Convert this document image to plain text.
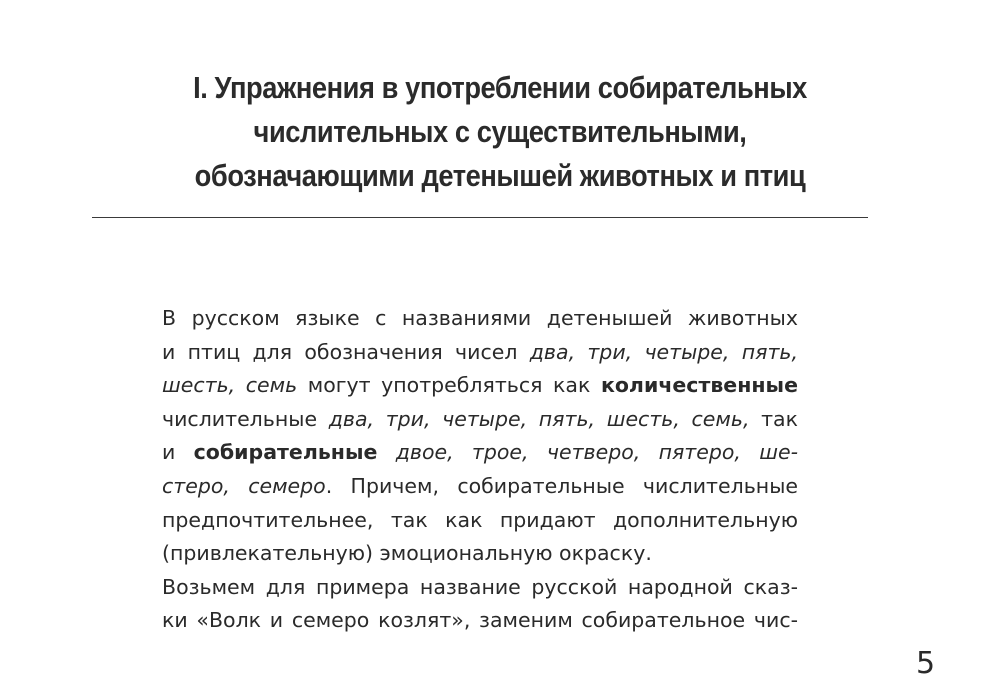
I. Упражнения в употреблении собирательных
числительных с существительными,
обозначающими детенышей животных и птиц
В русском языке с названиями детенышей животных
и птиц для обозначения чисел два, три, четыре, пять,
шесть, семь могут употребляться как количественные
числительные два, три, четыре, пять, шесть, семь, так
и собирательные двое, трое, четверо, пятеро, ше-
стеро, семеро. Причем, собирательные числительные
предпочтительнее, так как придают дополнительную
(привлекательную) эмоциональную окраску.
Возьмем для примера название русской народной сказ-
ки «Волк и семеро козлят», заменим собирательное чис-
5
